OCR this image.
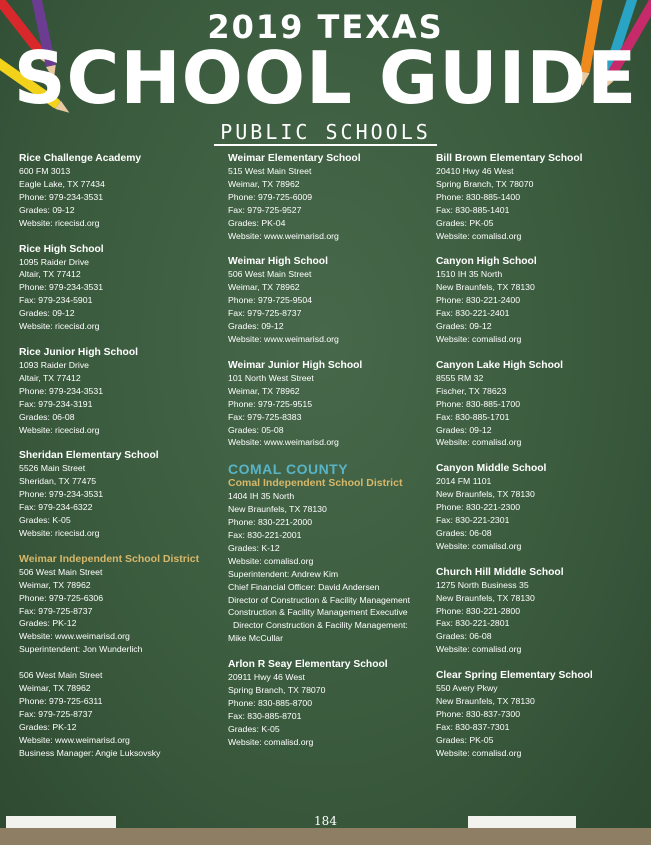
2019 TEXAS
SCHOOL GUIDE
PUBLIC SCHOOLS
Rice Challenge Academy
600 FM 3013
Eagle Lake, TX 77434
Phone: 979-234-3531
Grades: 09-12
Website: ricecisd.org
Rice High School
1095 Raider Drive
Altair, TX 77412
Phone: 979-234-3531
Fax: 979-234-5901
Grades: 09-12
Website: ricecisd.org
Rice Junior High School
1093 Raider Drive
Altair, TX 77412
Phone: 979-234-3531
Fax: 979-234-3191
Grades: 06-08
Website: ricecisd.org
Sheridan Elementary School
5526 Main Street
Sheridan, TX 77475
Phone: 979-234-3531
Fax: 979-234-6322
Grades: K-05
Website: ricecisd.org
Weimar Independent School District
506 West Main Street
Weimar, TX 78962
Phone: 979-725-6306
Fax: 979-725-8737
Grades: PK-12
Website: www.weimarisd.org
Superintendent: Jon Wunderlich
506 West Main Street
Weimar, TX 78962
Phone: 979-725-6311
Fax: 979-725-8737
Grades: PK-12
Website: www.weimarisd.org
Business Manager: Angie Luksovsky
Weimar Elementary School
515 West Main Street
Weimar, TX 78962
Phone: 979-725-6009
Fax: 979-725-9527
Grades: PK-04
Website: www.weimarisd.org
Weimar High School
506 West Main Street
Weimar, TX 78962
Phone: 979-725-9504
Fax: 979-725-8737
Grades: 09-12
Website: www.weimarisd.org
Weimar Junior High School
101 North West Street
Weimar, TX 78962
Phone: 979-725-9515
Fax: 979-725-8383
Grades: 05-08
Website: www.weimarisd.org
COMAL COUNTY
Comal Independent School District
1404 IH 35 North
New Braunfels, TX 78130
Phone: 830-221-2000
Fax: 830-221-2001
Grades: K-12
Website: comalisd.org
Superintendent: Andrew Kim
Chief Financial Officer: David Andersen
Director of Construction & Facility Management
Construction & Facility Management Executive
Director Construction & Facility Management:
Mike McCullar
Arlon R Seay Elementary School
20911 Hwy 46 West
Spring Branch, TX 78070
Phone: 830-885-8700
Fax: 830-885-8701
Grades: K-05
Website: comalisd.org
Bill Brown Elementary School
20410 Hwy 46 West
Spring Branch, TX 78070
Phone: 830-885-1400
Fax: 830-885-1401
Grades: PK-05
Website: comalisd.org
Canyon High School
1510 IH 35 North
New Braunfels, TX 78130
Phone: 830-221-2400
Fax: 830-221-2401
Grades: 09-12
Website: comalisd.org
Canyon Lake High School
8555 RM 32
Fischer, TX 78623
Phone: 830-885-1700
Fax: 830-885-1701
Grades: 09-12
Website: comalisd.org
Canyon Middle School
2014 FM 1101
New Braunfels, TX 78130
Phone: 830-221-2300
Fax: 830-221-2301
Grades: 06-08
Website: comalisd.org
Church Hill Middle School
1275 North Business 35
New Braunfels, TX 78130
Phone: 830-221-2800
Fax: 830-221-2801
Grades: 06-08
Website: comalisd.org
Clear Spring Elementary School
550 Avery Pkwy
New Braunfels, TX 78130
Phone: 830-837-7300
Fax: 830-837-7301
Grades: PK-05
Website: comalisd.org
184
